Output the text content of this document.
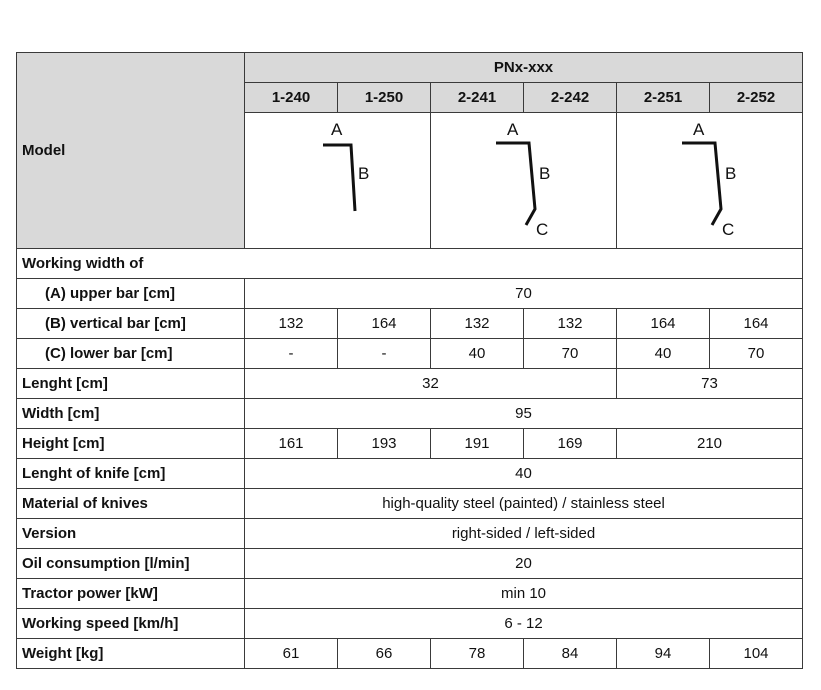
Model	PNx-xxx					
	1-240	1-250	2-241	2-242	2-251	2-252

A
B		A
B
C		A
B
C	

Working width of						
(A) upper bar [cm]	70					
(B) vertical bar [cm]	132	164	132	132	164	164
(C) lower bar [cm]	-	-	40	70	40	70
Lenght [cm]	32				73	
Width [cm]	95					
Height [cm]	161	193	191	169	210	
Lenght of knife [cm]	40					
Material of knives	high-quality steel (painted) / stainless steel					
Version	right-sided / left-sided					
Oil consumption [l/min]	20					
Tractor power [kW]	min 10					
Working speed [km/h]	6 - 12					
Weight [kg]	61	66	78	84	94	104
